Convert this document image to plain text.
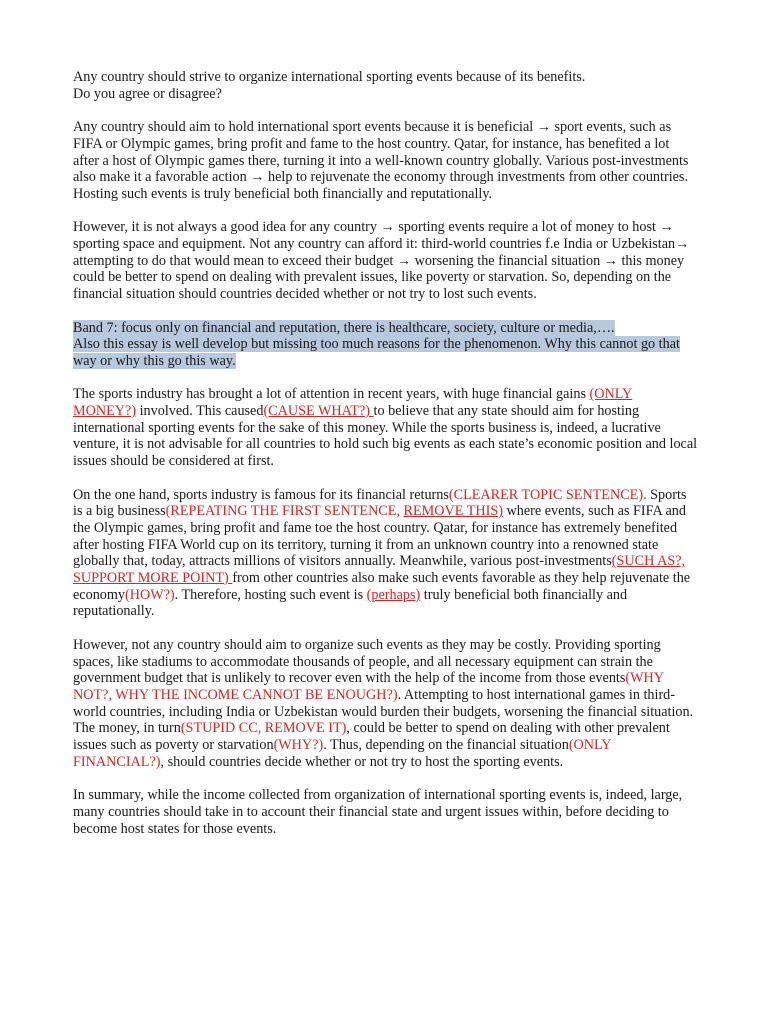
Any country should strive to organize international sporting events because of its benefits.
Do you agree or disagree?

Any country should aim to hold international sport events because it is beneficial → sport events, such as FIFA or Olympic games, bring profit and fame to the host country. Qatar, for instance, has benefited a lot after a host of Olympic games there, turning it into a well-known country globally. Various post-investments also make it a favorable action → help to rejuvenate the economy through investments from other countries. Hosting such events is truly beneficial both financially and reputationally.

However, it is not always a good idea for any country → sporting events require a lot of money to host → sporting space and equipment. Not any country can afford it: third-world countries f.e India or Uzbekistan→ attempting to do that would mean to exceed their budget → worsening the financial situation → this money could be better to spend on dealing with prevalent issues, like poverty or starvation. So, depending on the financial situation should countries decided whether or not try to lost such events.

Band 7: focus only on financial and reputation, there is healthcare, society, culture or media,….
Also this essay is well develop but missing too much reasons for the phenomenon. Why this cannot go that way or why this go this way.

The sports industry has brought a lot of attention in recent years, with huge financial gains (ONLY MONEY?) involved. This caused(CAUSE WHAT?) to believe that any state should aim for hosting international sporting events for the sake of this money. While the sports business is, indeed, a lucrative venture, it is not advisable for all countries to hold such big events as each state’s economic position and local issues should be considered at first.

On the one hand, sports industry is famous for its financial returns(CLEARER TOPIC SENTENCE). Sports is a big business(REPEATING THE FIRST SENTENCE, REMOVE THIS) where events, such as FIFA and the Olympic games, bring profit and fame toe the host country. Qatar, for instance has extremely benefited after hosting FIFA World cup on its territory, turning it from an unknown country into a renowned state globally that, today, attracts millions of visitors annually. Meanwhile, various post-investments(SUCH AS?, SUPPORT MORE POINT) from other countries also make such events favorable as they help rejuvenate the economy(HOW?). Therefore, hosting such event is (perhaps) truly beneficial both financially and reputationally.

However, not any country should aim to organize such events as they may be costly. Providing sporting spaces, like stadiums to accommodate thousands of people, and all necessary equipment can strain the government budget that is unlikely to recover even with the help of the income from those events(WHY NOT?, WHY THE INCOME CANNOT BE ENOUGH?). Attempting to host international games in third-world countries, including India or Uzbekistan would burden their budgets, worsening the financial situation. The money, in turn(STUPID CC, REMOVE IT), could be better to spend on dealing with other prevalent issues such as poverty or starvation(WHY?). Thus, depending on the financial situation(ONLY FINANCIAL?), should countries decide whether or not try to host the sporting events.

In summary, while the income collected from organization of international sporting events is, indeed, large, many countries should take in to account their financial state and urgent issues within, before deciding to become host states for those events.
